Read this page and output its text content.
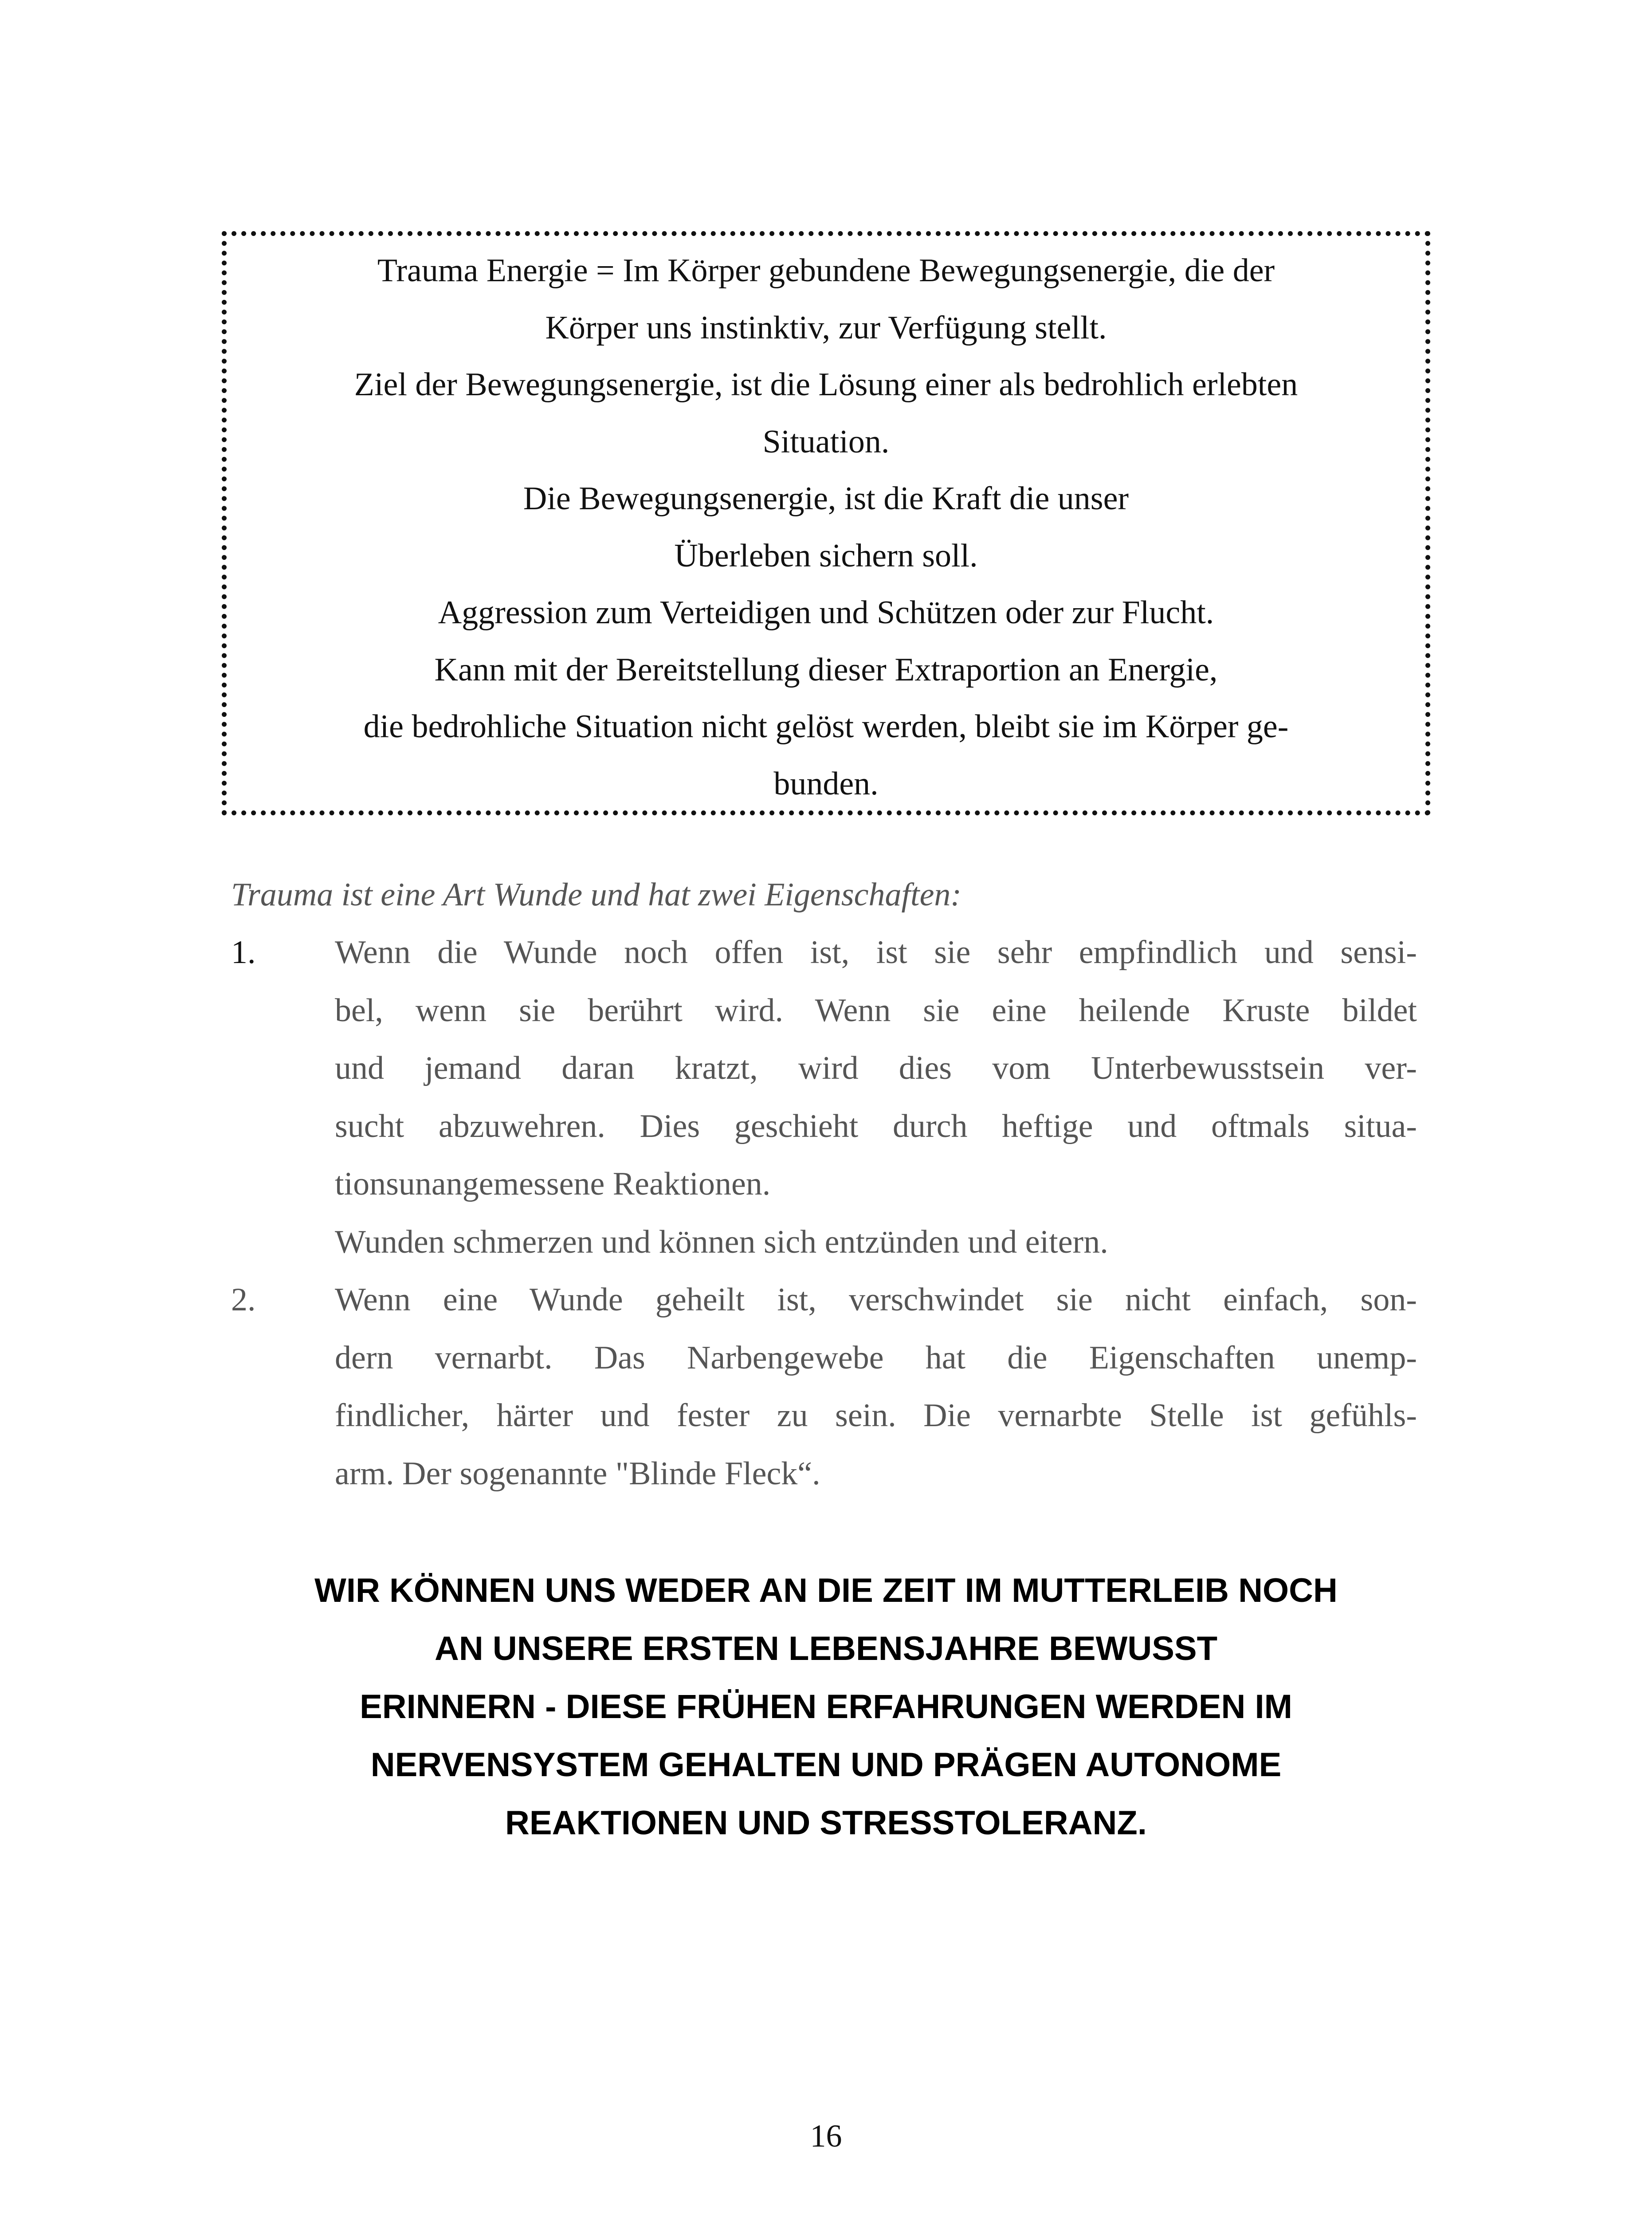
Trauma Energie = Im Körper gebundene Bewegungsenergie, die der
Körper uns instinktiv, zur Verfügung stellt.
Ziel der Bewegungsenergie, ist die Lösung einer als bedrohlich erlebten
Situation.
Die Bewegungsenergie, ist die Kraft die unser
Überleben sichern soll.
Aggression zum Verteidigen und Schützen oder zur Flucht.
Kann mit der Bereitstellung dieser Extraportion an Energie,
die bedrohliche Situation nicht gelöst werden, bleibt sie im Körper ge-
bunden.
Trauma ist eine Art Wunde und hat zwei Eigenschaften:
1. Wenn die Wunde noch offen ist, ist sie sehr empfindlich und sensi-
bel, wenn sie berührt wird. Wenn sie eine heilende Kruste bildet
und jemand daran kratzt, wird dies vom Unterbewusstsein ver-
sucht abzuwehren. Dies geschieht durch heftige und oftmals situa-
tionsunangemessene Reaktionen.
Wunden schmerzen und können sich entzünden und eitern.
2. Wenn eine Wunde geheilt ist, verschwindet sie nicht einfach, son-
dern vernarbt. Das Narbengewebe hat die Eigenschaften unemp-
findlicher, härter und fester zu sein. Die vernarbte Stelle ist gefühls-
arm. Der sogenannte "Blinde Fleck“.
WIR KÖNNEN UNS WEDER AN DIE ZEIT IM MUTTERLEIB NOCH
AN UNSERE ERSTEN LEBENSJAHRE BEWUSST
ERINNERN - DIESE FRÜHEN ERFAHRUNGEN WERDEN IM
NERVENSYSTEM GEHALTEN UND PRÄGEN AUTONOME
REAKTIONEN UND STRESSTOLERANZ.
16
